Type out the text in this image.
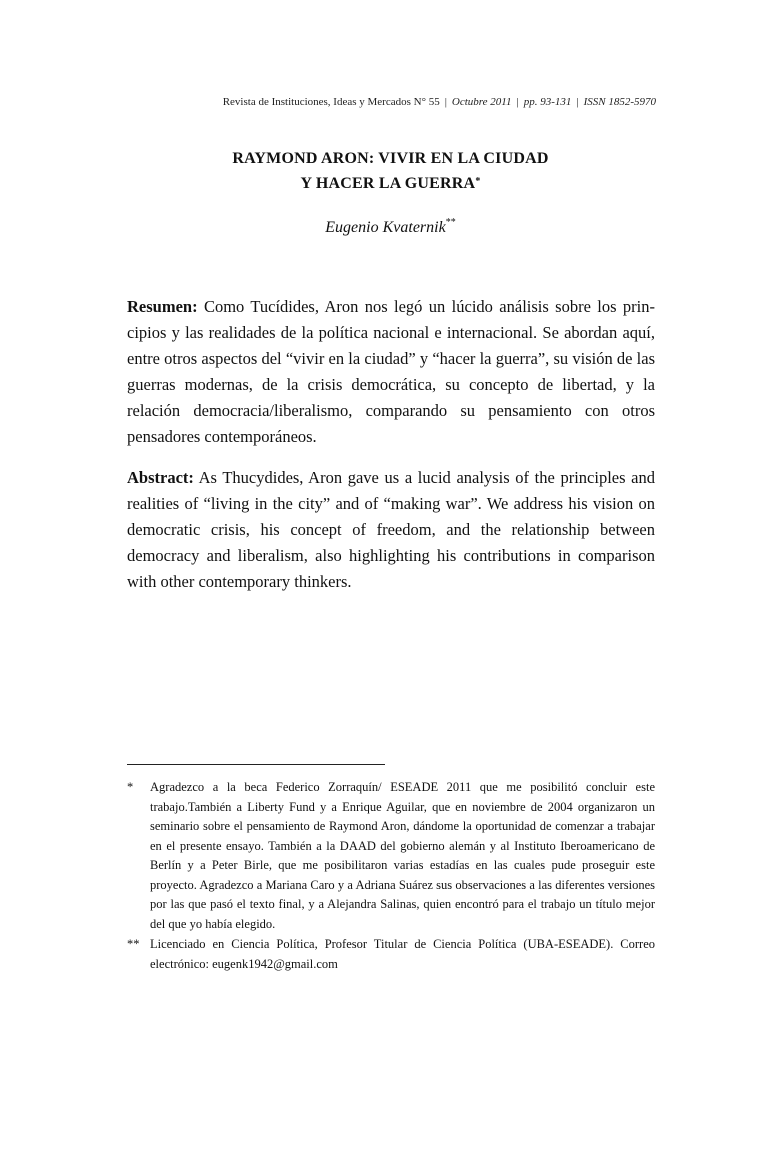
Revista de Instituciones, Ideas y Mercados N° 55 | Octubre 2011 | pp. 93-131 | ISSN 1852-5970
RAYMOND ARON: VIVIR EN LA CIUDAD
Y HACER LA GUERRA*
Eugenio Kvaternik**
Resumen: Como Tucídides, Aron nos legó un lúcido análisis sobre los principios y las realidades de la política nacional e internacional. Se abordan aquí, entre otros aspectos del “vivir en la ciudad” y “hacer la guerra”, su visión de las guerras modernas, de la crisis democrática, su concepto de libertad, y la relación democracia/liberalismo, comparando su pensamiento con otros pensadores contemporáneos.
Abstract: As Thucydides, Aron gave us a lucid analysis of the principles and realities of “living in the city” and of “making war”. We address his vision on democratic crisis, his concept of freedom, and the relationship between democracy and liberalism, also highlighting his contributions in comparison with other contemporary thinkers.
*	Agradezco a la beca Federico Zorraquín/ ESEADE 2011 que me posibilitó concluir este trabajo.También a Liberty Fund y a Enrique Aguilar, que en noviembre de 2004 organizaron un seminario sobre el pensamiento de Raymond Aron, dándome la oportunidad de comenzar a trabajar en el presente ensayo. También a la DAAD del gobierno alemán y al Instituto Iberoamericano de Berlín y a Peter Birle, que me posibilitaron varias estadías en las cuales pude proseguir este proyecto. Agradezco a Mariana Caro y a Adriana Suárez sus observaciones a las diferentes versiones por las que pasó el texto final, y a Alejandra Salinas, quien encontró para el trabajo un título mejor del que yo había elegido.
** Licenciado en Ciencia Política, Profesor Titular de Ciencia Política (UBA-ESEADE). Correo electrónico: eugenk1942@gmail.com
